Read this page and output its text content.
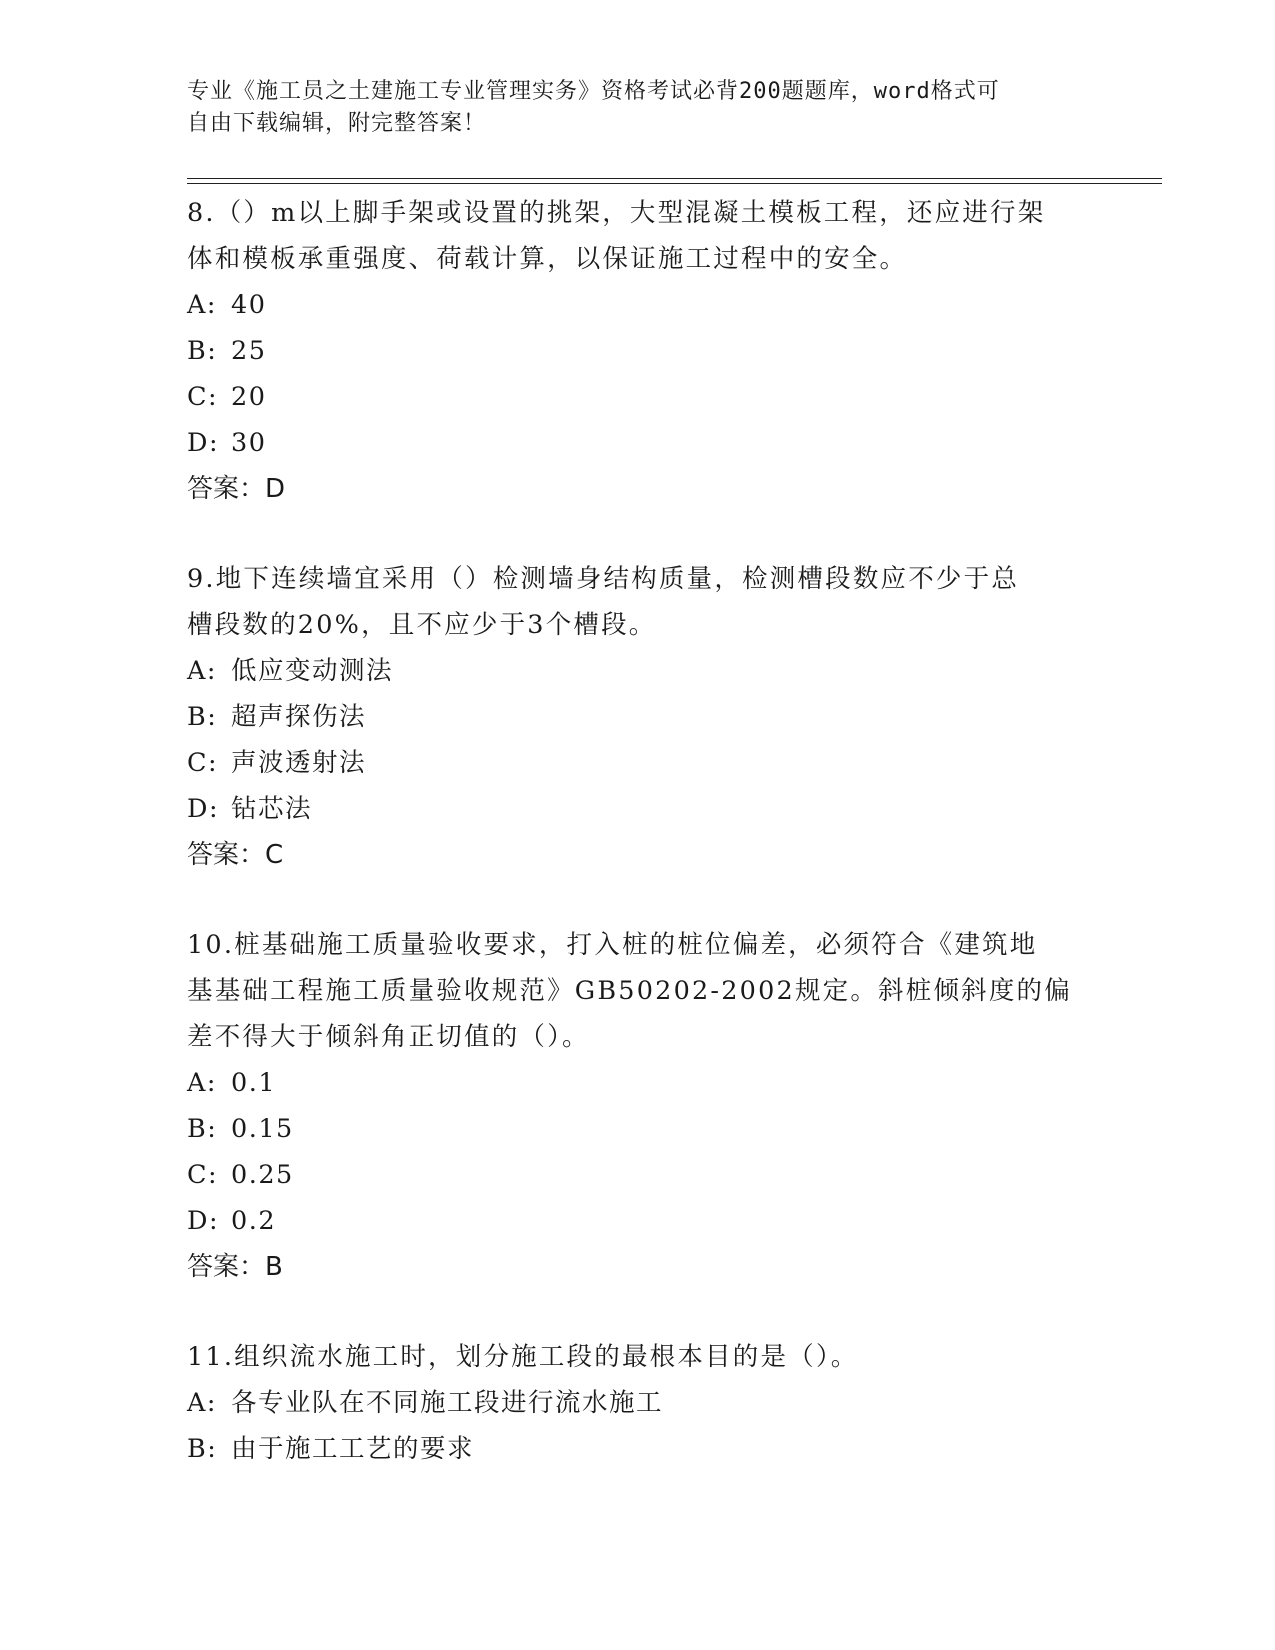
专业《施工员之土建施工专业管理实务》资格考试必背200题题库，word格式可
自由下载编辑，附完整答案！
8.（）m以上脚手架或设置的挑架，大型混凝土模板工程，还应进行架
体和模板承重强度、荷载计算，以保证施工过程中的安全。
A: 40
B: 25
C: 20
D: 30
答案：D
9.地下连续墙宜采用（）检测墙身结构质量，检测槽段数应不少于总
槽段数的20%，且不应少于3个槽段。
A: 低应变动测法
B: 超声探伤法
C: 声波透射法
D: 钻芯法
答案：C
10.桩基础施工质量验收要求，打入桩的桩位偏差，必须符合《建筑地
基基础工程施工质量验收规范》GB50202-2002规定。斜桩倾斜度的偏
差不得大于倾斜角正切值的（）。
A: 0.1
B: 0.15
C: 0.25
D: 0.2
答案：B
11.组织流水施工时，划分施工段的最根本目的是（）。
A: 各专业队在不同施工段进行流水施工
B: 由于施工工艺的要求
